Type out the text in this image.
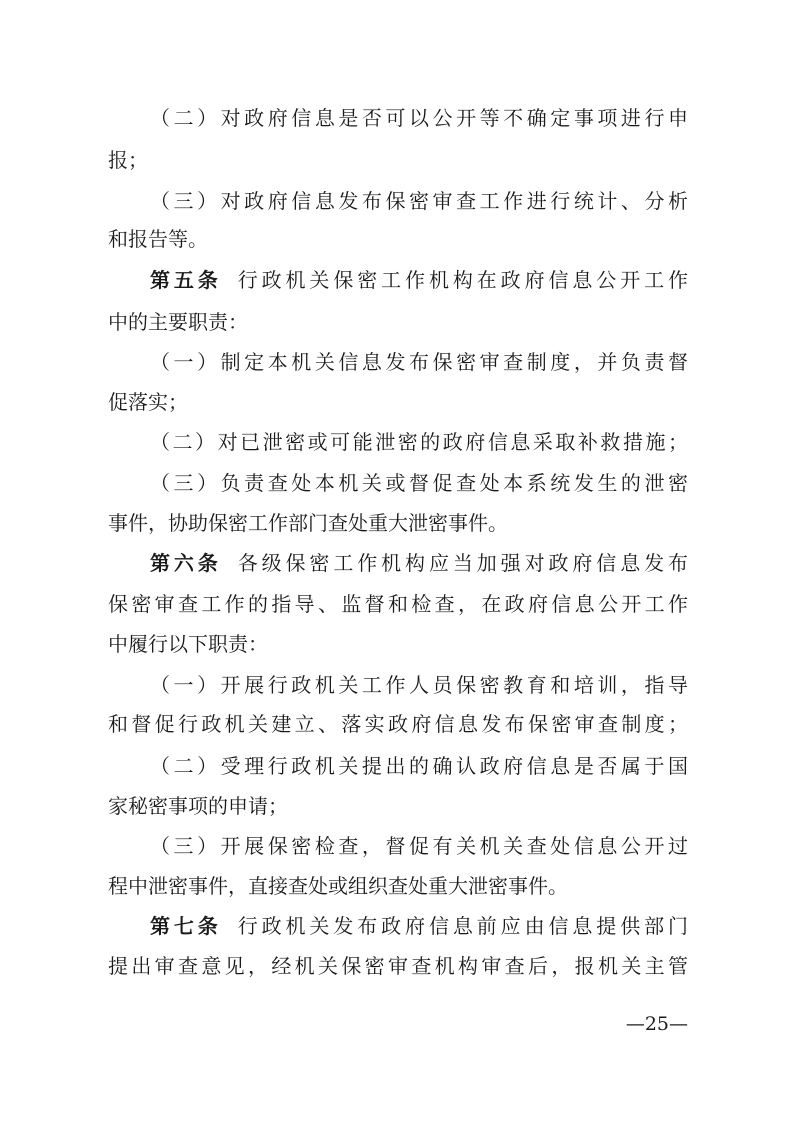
（二）对政府信息是否可以公开等不确定事项进行申
报；
（三）对政府信息发布保密审查工作进行统计、分析
和报告等。
第五条 行政机关保密工作机构在政府信息公开工作
中的主要职责：
（一）制定本机关信息发布保密审查制度，并负责督
促落实；
（二）对已泄密或可能泄密的政府信息采取补救措施；
（三）负责查处本机关或督促查处本系统发生的泄密
事件，协助保密工作部门查处重大泄密事件。
第六条 各级保密工作机构应当加强对政府信息发布
保密审查工作的指导、监督和检查，在政府信息公开工作
中履行以下职责：
（一）开展行政机关工作人员保密教育和培训，指导
和督促行政机关建立、落实政府信息发布保密审查制度；
（二）受理行政机关提出的确认政府信息是否属于国
家秘密事项的申请；
（三）开展保密检查，督促有关机关查处信息公开过
程中泄密事件，直接查处或组织查处重大泄密事件。
第七条 行政机关发布政府信息前应由信息提供部门
提出审查意见，经机关保密审查机构审查后，报机关主管
—25—
